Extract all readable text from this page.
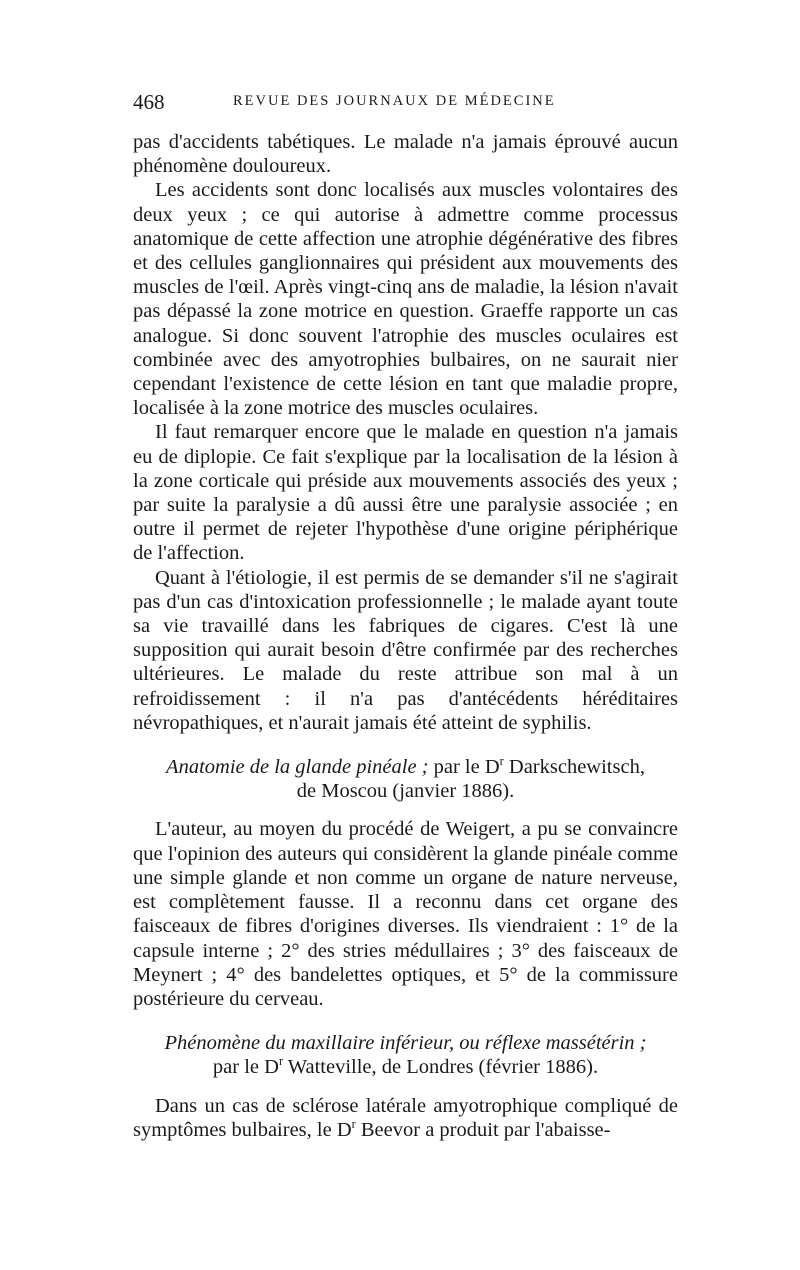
468	REVUE DES JOURNAUX DE MÉDECINE

pas d'accidents tabétiques. Le malade n'a jamais éprouvé aucun phénomène douloureux.

Les accidents sont donc localisés aux muscles volontaires des deux yeux ; ce qui autorise à admettre comme processus anatomique de cette affection une atrophie dégénérative des fibres et des cellules ganglionnaires qui président aux mouvements des muscles de l'œil. Après vingt-cinq ans de maladie, la lésion n'avait pas dépassé la zone motrice en question. Graeffe rapporte un cas analogue. Si donc souvent l'atrophie des muscles oculaires est combinée avec des amyotrophies bulbaires, on ne saurait nier cependant l'existence de cette lésion en tant que maladie propre, localisée à la zone motrice des muscles oculaires.

Il faut remarquer encore que le malade en question n'a jamais eu de diplopie. Ce fait s'explique par la localisation de la lésion à la zone corticale qui préside aux mouvements associés des yeux ; par suite la paralysie a dû aussi être une paralysie associée ; en outre il permet de rejeter l'hypothèse d'une origine périphérique de l'affection.

Quant à l'étiologie, il est permis de se demander s'il ne s'agirait pas d'un cas d'intoxication professionnelle ; le malade ayant toute sa vie travaillé dans les fabriques de cigares. C'est là une supposition qui aurait besoin d'être confirmée par des recherches ultérieures. Le malade du reste attribue son mal à un refroidissement : il n'a pas d'antécédents héréditaires névropathiques, et n'aurait jamais été atteint de syphilis.

Anatomie de la glande pinéale ; par le $D^r$ Darkschewitsch,
de Moscou (janvier 1886).

L'auteur, au moyen du procédé de Weigert, a pu se convaincre que l'opinion des auteurs qui considèrent la glande pinéale comme une simple glande et non comme un organe de nature nerveuse, est complètement fausse. Il a reconnu dans cet organe des faisceaux de fibres d'origines diverses. Ils viendraient : 1° de la capsule interne ; 2° des stries médullaires ; 3° des faisceaux de Meynert ; 4° des bandelettes optiques, et 5° de la commissure postérieure du cerveau.

Phénomène du maxillaire inférieur, ou réflexe massétérin ;
par le $D^r$ Watteville, de Londres (février 1886).

Dans un cas de sclérose latérale amyotrophique compliqué de symptômes bulbaires, le $D^r$ Beevor a produit par l'abaisse-
